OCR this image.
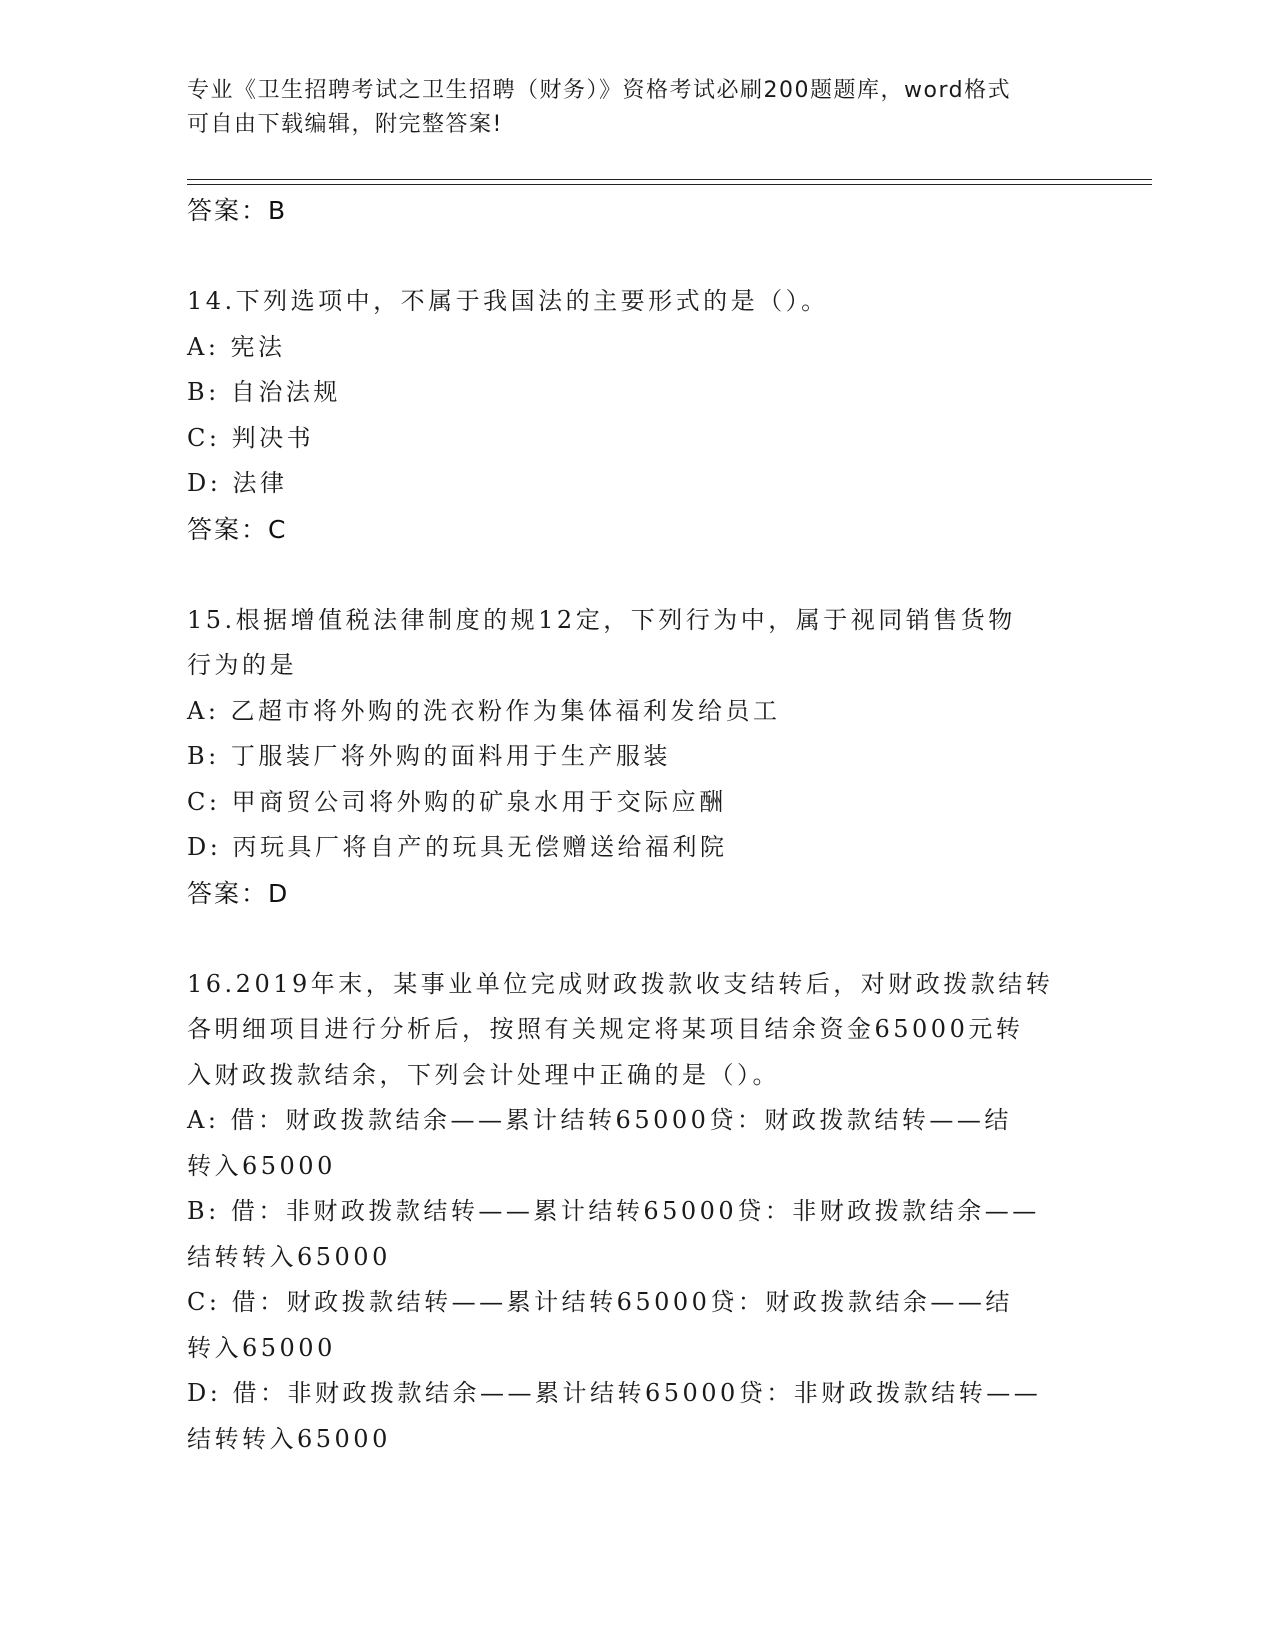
专业《卫生招聘考试之卫生招聘（财务）》资格考试必刷200题题库，word格式
可自由下载编辑，附完整答案!
答案：B
14.下列选项中，不属于我国法的主要形式的是（）。
A: 宪法
B: 自治法规
C: 判决书
D: 法律
答案：C
15.根据增值税法律制度的规12定，下列行为中，属于视同销售货物
行为的是
A: 乙超市将外购的洗衣粉作为集体福利发给员工
B: 丁服装厂将外购的面料用于生产服装
C: 甲商贸公司将外购的矿泉水用于交际应酬
D: 丙玩具厂将自产的玩具无偿赠送给福利院
答案：D
16.2019年末，某事业单位完成财政拨款收支结转后，对财政拨款结转
各明细项目进行分析后，按照有关规定将某项目结余资金65000元转
入财政拨款结余，下列会计处理中正确的是（）。
A: 借：财政拨款结余——累计结转65000贷：财政拨款结转——结
转入65000
B: 借：非财政拨款结转——累计结转65000贷：非财政拨款结余——
结转转入65000
C: 借：财政拨款结转——累计结转65000贷：财政拨款结余——结
转入65000
D: 借：非财政拨款结余——累计结转65000贷：非财政拨款结转——
结转转入65000
